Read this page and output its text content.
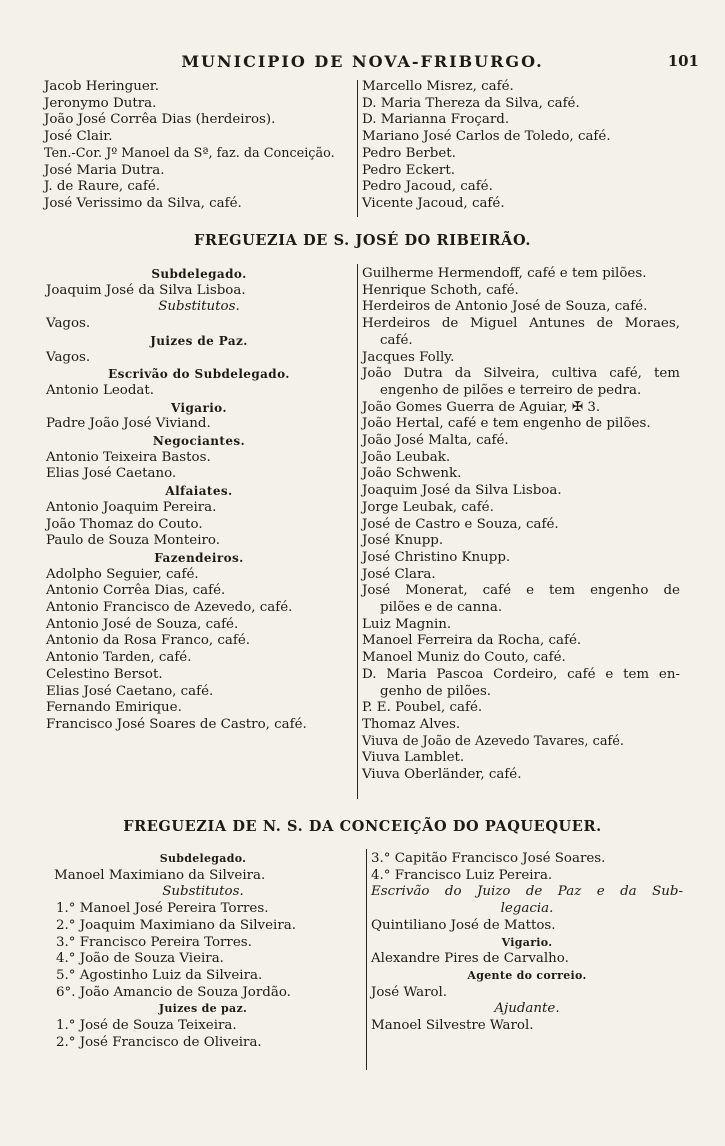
MUNICIPIO DE NOVA-FRIBURGO.	101
Jacob Heringuer.
Jeronymo Dutra.
João José Corrêa Dias (herdeiros).
José Clair.
Ten.-Cor. Jº Manoel da Sª, faz. da Conceição.
José Maria Dutra.
J. de Raure, café.
José Verissimo da Silva, café.
Marcello Misrez, café.
D. Maria Thereza da Silva, café.
D. Marianna Froçard.
Mariano José Carlos de Toledo, café.
Pedro Berbet.
Pedro Eckert.
Pedro Jacoud, café.
Vicente Jacoud, café.
FREGUEZIA DE S. JOSÉ DO RIBEIRÃO.
Subdelegado.
Joaquim José da Silva Lisboa.
Substitutos.
Vagos.
Juizes de Paz.
Vagos.
Escrivão do Subdelegado.
Antonio Leodat.
Vigario.
Padre João José Viviand.
Negociantes.
Antonio Teixeira Bastos.
Elias José Caetano.
Alfaiates.
Antonio Joaquim Pereira.
João Thomaz do Couto.
Paulo de Souza Monteiro.
Fazendeiros.
Adolpho Seguier, café.
Antonio Corrêa Dias, café.
Antonio Francisco de Azevedo, café.
Antonio José de Souza, café.
Antonio da Rosa Franco, café.
Antonio Tarden, café.
Celestino Bersot.
Elias José Caetano, café.
Fernando Emirique.
Francisco José Soares de Castro, café.
Guilherme Hermendoff, café e tem pilões.
Henrique Schoth, café.
Herdeiros de Antonio José de Souza, café.
Herdeiros de Miguel Antunes de Moraes,
café.
Jacques Folly.
João Dutra da Silveira, cultiva café, tem
engenho de pilões e terreiro de pedra.
João Gomes Guerra de Aguiar, ✠ 3.
João Hertal, café e tem engenho de pilões.
João José Malta, café.
João Leubak.
João Schwenk.
Joaquim José da Silva Lisboa.
Jorge Leubak, café.
José de Castro e Souza, café.
José Knupp.
José Christino Knupp.
José Clara.
José Monerat, café e tem engenho de
pilões e de canna.
Luiz Magnin.
Manoel Ferreira da Rocha, café.
Manoel Muniz do Couto, café.
D. Maria Pascoa Cordeiro, café e tem en-
genho de pilões.
P. E. Poubel, café.
Thomaz Alves.
Viuva de João de Azevedo Tavares, café.
Viuva Lamblet.
Viuva Oberländer, café.
FREGUEZIA DE N. S. DA CONCEIÇÃO DO PAQUEQUER.
Subdelegado.
Manoel Maximiano da Silveira.
Substitutos.
1.° Manoel José Pereira Torres.
2.° Joaquim Maximiano da Silveira.
3.° Francisco Pereira Torres.
4.° João de Souza Vieira.
5.° Agostinho Luiz da Silveira.
6°. João Amancio de Souza Jordão.
Juizes de paz.
1.° José de Souza Teixeira.
2.° José Francisco de Oliveira.
3.° Capitão Francisco José Soares.
4.° Francisco Luiz Pereira.
Escrivão do Juizo de Paz e da Sub-
legacia.
Quintiliano José de Mattos.
Vigario.
Alexandre Pires de Carvalho.
Agente do correio.
José Warol.
Ajudante.
Manoel Silvestre Warol.
